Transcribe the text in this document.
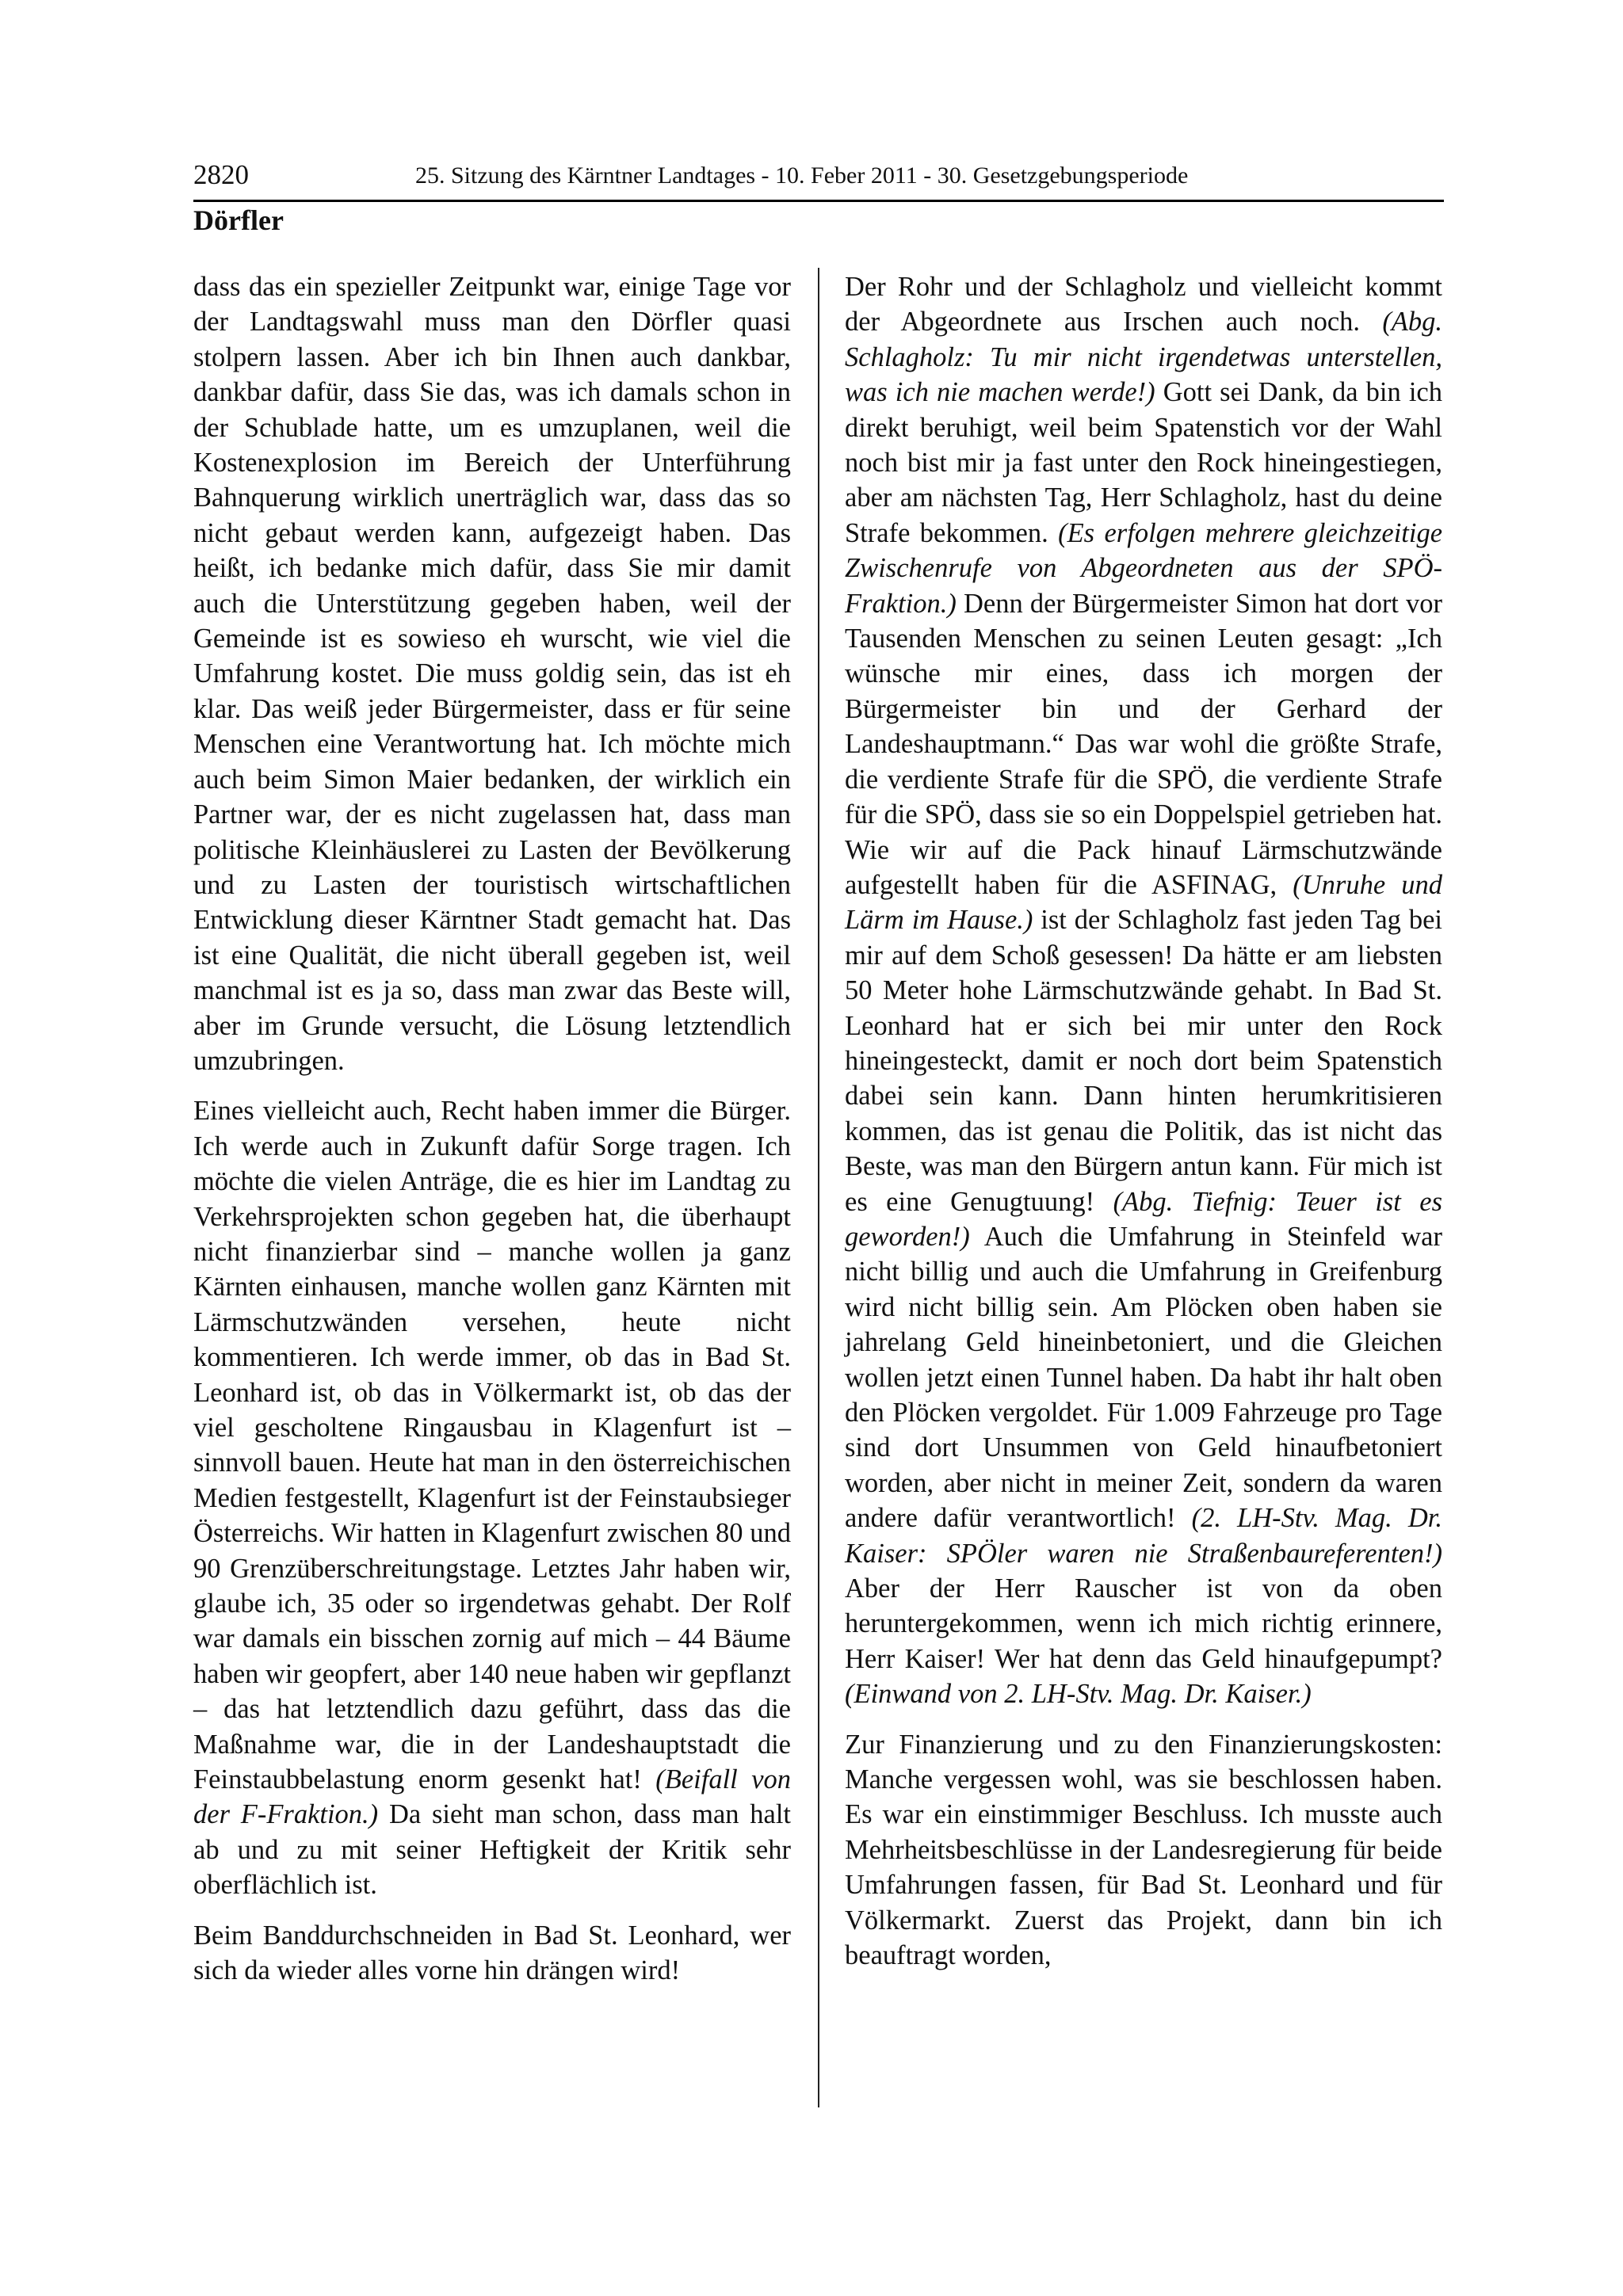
2820	25. Sitzung des Kärntner Landtages - 10. Feber 2011 - 30. Gesetzgebungsperiode
Dörfler

dass das ein spezieller Zeitpunkt war, einige Tage vor der Landtagswahl muss man den Dörfler quasi stolpern lassen. Aber ich bin Ihnen auch dankbar, dankbar dafür, dass Sie das, was ich damals schon in der Schublade hatte, um es umzuplanen, weil die Kostenexplosion im Bereich der Unterführung Bahnquerung wirklich unerträglich war, dass das so nicht gebaut werden kann, aufgezeigt haben. Das heißt, ich bedanke mich dafür, dass Sie mir damit auch die Unterstützung gegeben haben, weil der Gemeinde ist es sowieso eh wurscht, wie viel die Umfahrung kostet. Die muss goldig sein, das ist eh klar. Das weiß jeder Bürgermeister, dass er für seine Menschen eine Verantwortung hat. Ich möchte mich auch beim Simon Maier bedanken, der wirklich ein Partner war, der es nicht zugelassen hat, dass man politische Kleinhäuslerei zu Lasten der Bevölkerung und zu Lasten der touristisch wirtschaftlichen Entwicklung dieser Kärntner Stadt gemacht hat. Das ist eine Qualität, die nicht überall gegeben ist, weil manchmal ist es ja so, dass man zwar das Beste will, aber im Grunde versucht, die Lösung letztendlich umzubringen.

Eines vielleicht auch, Recht haben immer die Bürger. Ich werde auch in Zukunft dafür Sorge tragen. Ich möchte die vielen Anträge, die es hier im Landtag zu Verkehrsprojekten schon gegeben hat, die überhaupt nicht finanzierbar sind – manche wollen ja ganz Kärnten einhausen, manche wollen ganz Kärnten mit Lärmschutzwänden versehen, heute nicht kommentieren. Ich werde immer, ob das in Bad St. Leonhard ist, ob das in Völkermarkt ist, ob das der viel gescholtene Ringausbau in Klagenfurt ist – sinnvoll bauen. Heute hat man in den österreichischen Medien festgestellt, Klagenfurt ist der Feinstaubsieger Österreichs. Wir hatten in Klagenfurt zwischen 80 und 90 Grenzüberschreitungstage. Letztes Jahr haben wir, glaube ich, 35 oder so irgendetwas gehabt. Der Rolf war damals ein bisschen zornig auf mich – 44 Bäume haben wir geopfert, aber 140 neue haben wir gepflanzt – das hat letztendlich dazu geführt, dass das die Maßnahme war, die in der Landeshauptstadt die Feinstaubbelastung enorm gesenkt hat! (Beifall von der F-Fraktion.) Da sieht man schon, dass man halt ab und zu mit seiner Heftigkeit der Kritik sehr oberflächlich ist.

Beim Banddurchschneiden in Bad St. Leonhard, wer sich da wieder alles vorne hin drängen wird!

Der Rohr und der Schlagholz und vielleicht kommt der Abgeordnete aus Irschen auch noch. (Abg. Schlagholz: Tu mir nicht irgendetwas unterstellen, was ich nie machen werde!) Gott sei Dank, da bin ich direkt beruhigt, weil beim Spatenstich vor der Wahl noch bist mir ja fast unter den Rock hineingestiegen, aber am nächsten Tag, Herr Schlagholz, hast du deine Strafe bekommen. (Es erfolgen mehrere gleichzeitige Zwischenrufe von Abgeordneten aus der SPÖ-Fraktion.) Denn der Bürgermeister Simon hat dort vor Tausenden Menschen zu seinen Leuten gesagt: „Ich wünsche mir eines, dass ich morgen der Bürgermeister bin und der Gerhard der Landeshauptmann.“ Das war wohl die größte Strafe, die verdiente Strafe für die SPÖ, die verdiente Strafe für die SPÖ, dass sie so ein Doppelspiel getrieben hat. Wie wir auf die Pack hinauf Lärmschutzwände aufgestellt haben für die ASFINAG, (Unruhe und Lärm im Hause.) ist der Schlagholz fast jeden Tag bei mir auf dem Schoß gesessen! Da hätte er am liebsten 50 Meter hohe Lärmschutzwände gehabt. In Bad St. Leonhard hat er sich bei mir unter den Rock hineingesteckt, damit er noch dort beim Spatenstich dabei sein kann. Dann hinten herumkritisieren kommen, das ist genau die Politik, das ist nicht das Beste, was man den Bürgern antun kann. Für mich ist es eine Genugtuung! (Abg. Tiefnig: Teuer ist es geworden!) Auch die Umfahrung in Steinfeld war nicht billig und auch die Umfahrung in Greifenburg wird nicht billig sein. Am Plöcken oben haben sie jahrelang Geld hineinbetoniert, und die Gleichen wollen jetzt einen Tunnel haben. Da habt ihr halt oben den Plöcken vergoldet. Für 1.009 Fahrzeuge pro Tage sind dort Unsummen von Geld hinaufbetoniert worden, aber nicht in meiner Zeit, sondern da waren andere dafür verantwortlich! (2. LH-Stv. Mag. Dr. Kaiser: SPÖler waren nie Straßenbaureferenten!) Aber der Herr Rauscher ist von da oben heruntergekommen, wenn ich mich richtig erinnere, Herr Kaiser! Wer hat denn das Geld hinaufgepumpt? (Einwand von 2. LH-Stv. Mag. Dr. Kaiser.)

Zur Finanzierung und zu den Finanzierungskosten: Manche vergessen wohl, was sie beschlossen haben. Es war ein einstimmiger Beschluss. Ich musste auch Mehrheitsbeschlüsse in der Landesregierung für beide Umfahrungen fassen, für Bad St. Leonhard und für Völkermarkt. Zuerst das Projekt, dann bin ich beauftragt worden,
